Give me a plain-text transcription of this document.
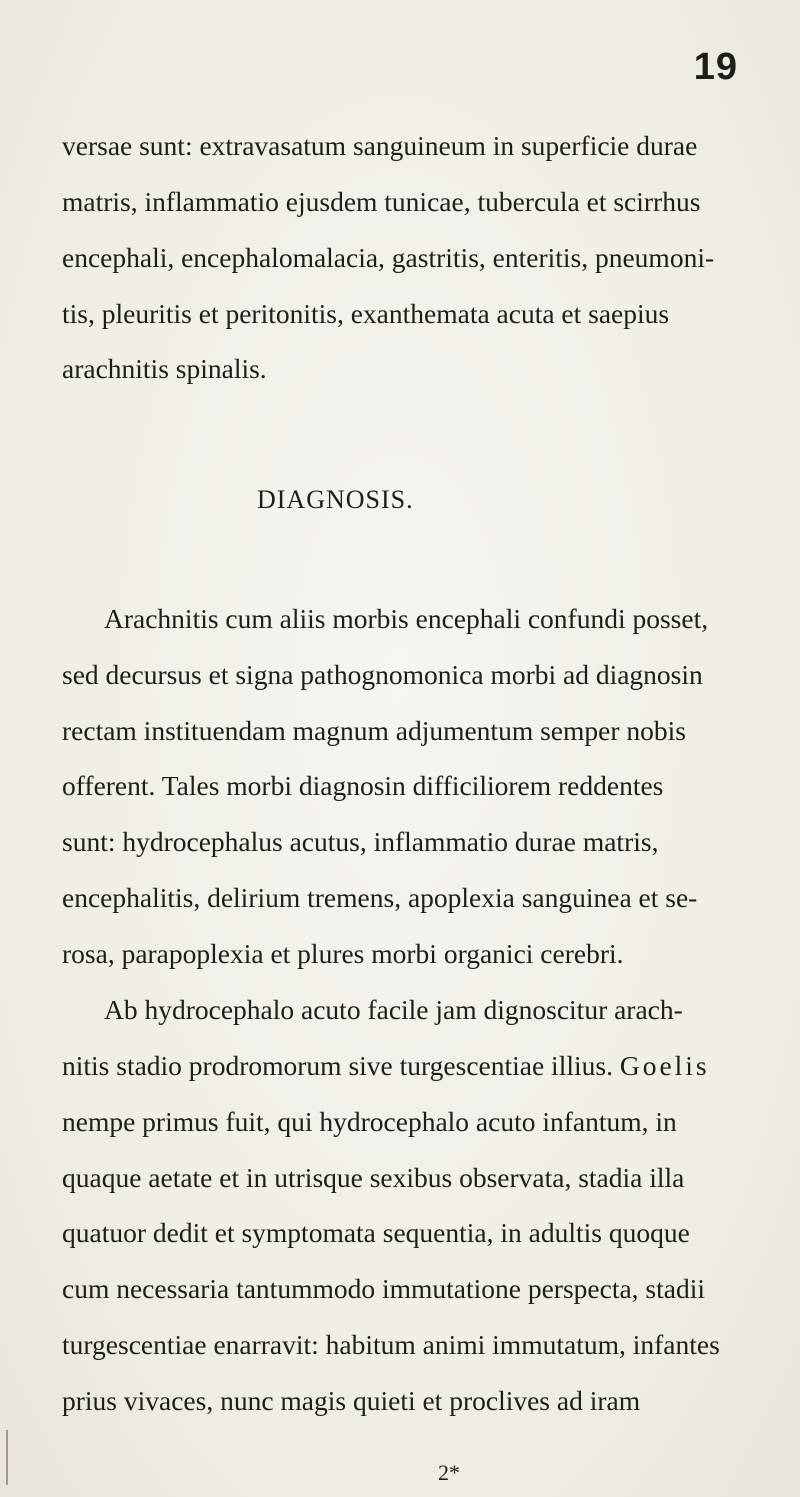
19
versae sunt: extravasatum sanguineum in superficie durae
matris, inflammatio ejusdem tunicae, tubercula et scirrhus
encephali, encephalomalacia, gastritis, enteritis, pneumoni-
tis, pleuritis et peritonitis, exanthemata acuta et saepius
arachnitis spinalis.
DIAGNOSIS.
Arachnitis cum aliis morbis encephali confundi posset,
sed decursus et signa pathognomonica morbi ad diagnosin
rectam instituendam magnum adjumentum semper nobis
offerent. Tales morbi diagnosin difficiliorem reddentes
sunt: hydrocephalus acutus, inflammatio durae matris,
encephalitis, delirium tremens, apoplexia sanguinea et se-
rosa, parapoplexia et plures morbi organici cerebri.
Ab hydrocephalo acuto facile jam dignoscitur arach-
nitis stadio prodromorum sive turgescentiae illius. Goelis
nempe primus fuit, qui hydrocephalo acuto infantum, in
quaque aetate et in utrisque sexibus observata, stadia illa
quatuor dedit et symptomata sequentia, in adultis quoque
cum necessaria tantummodo immutatione perspecta, stadii
turgescentiae enarravit: habitum animi immutatum, infantes
prius vivaces, nunc magis quieti et proclives ad iram
2*
